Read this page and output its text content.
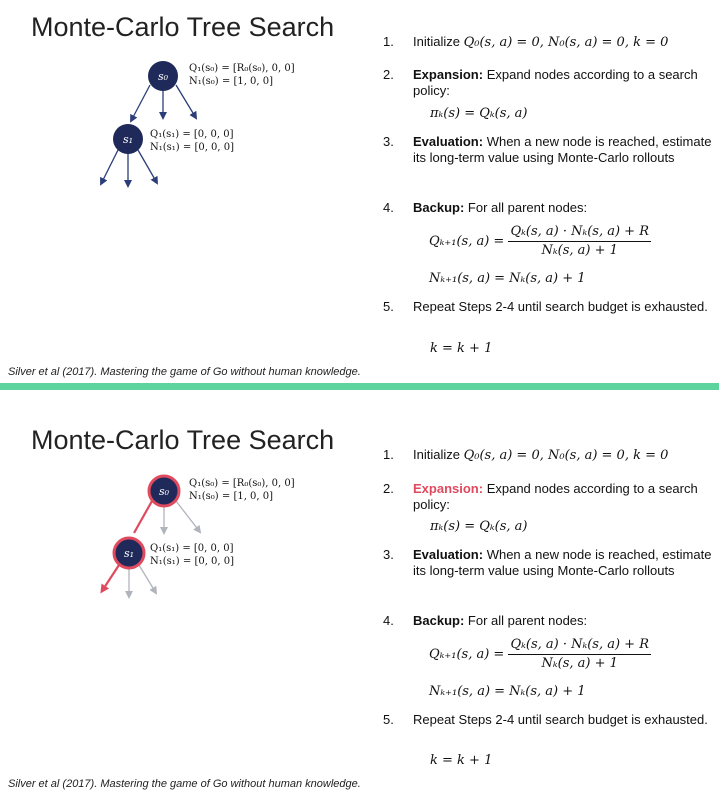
Monte-Carlo Tree Search
s₀
s₁
Q₁(s₀) = [R₀(s₀), 0, 0]
N₁(s₀) = [1, 0, 0]
Q₁(s₁) = [0, 0, 0]
N₁(s₁) = [0, 0, 0]
1.	Initialize Q₀(s, a) = 0, N₀(s, a) = 0, k = 0
2.	Expansion: Expand nodes according to a search policy:
πₖ(s) = Qₖ(s, a)
3.	Evaluation: When a new node is reached, estimate its long-term value using Monte-Carlo rollouts
4.	Backup: For all parent nodes:
Qₖ₊₁(s, $a) = \frac{\text{Qₖ(s, a) · Nₖ(s, a) + R}}{\text{Nₖ(s, a) + 1}}$
Nₖ₊₁(s, a) = Nₖ(s, a) + 1
5.	Repeat Steps 2-4 until search budget is exhausted.
k = k + 1
Silver et al (2017). Mastering the game of Go without human knowledge.
Monte-Carlo Tree Search
s₀
s₁
Q₁(s₀) = [R₀(s₀), 0, 0]
N₁(s₀) = [1, 0, 0]
Q₁(s₁) = [0, 0, 0]
N₁(s₁) = [0, 0, 0]
1.	Initialize Q₀(s, a) = 0, N₀(s, a) = 0, k = 0
2.	Expansion: Expand nodes according to a search policy:
πₖ(s) = Qₖ(s, a)
3.	Evaluation: When a new node is reached, estimate its long-term value using Monte-Carlo rollouts
4.	Backup: For all parent nodes:
Qₖ₊₁(s, $a) = \frac{\text{Qₖ(s, a) · Nₖ(s, a) + R}}{\text{Nₖ(s, a) + 1}}$
Nₖ₊₁(s, a) = Nₖ(s, a) + 1
5.	Repeat Steps 2-4 until search budget is exhausted.
k = k + 1
Silver et al (2017). Mastering the game of Go without human knowledge.
